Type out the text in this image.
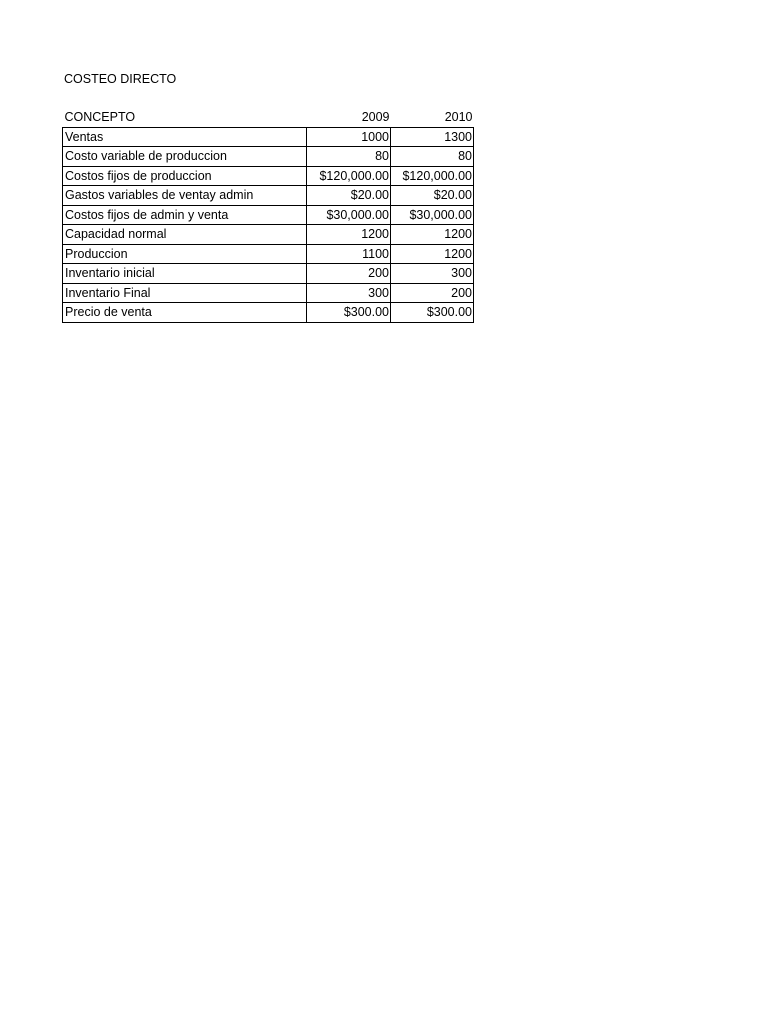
COSTEO DIRECTO
CONCEPTO	2009	2010
Ventas	1000	1300
Costo variable de produccion	80	80
Costos fijos de produccion	$120,000.00	$120,000.00
Gastos variables de ventay admin	$20.00	$20.00
Costos fijos de admin y venta	$30,000.00	$30,000.00
Capacidad normal	1200	1200
Produccion	1100	1200
Inventario inicial	200	300
Inventario Final	300	200
Precio de venta	$300.00	$300.00
